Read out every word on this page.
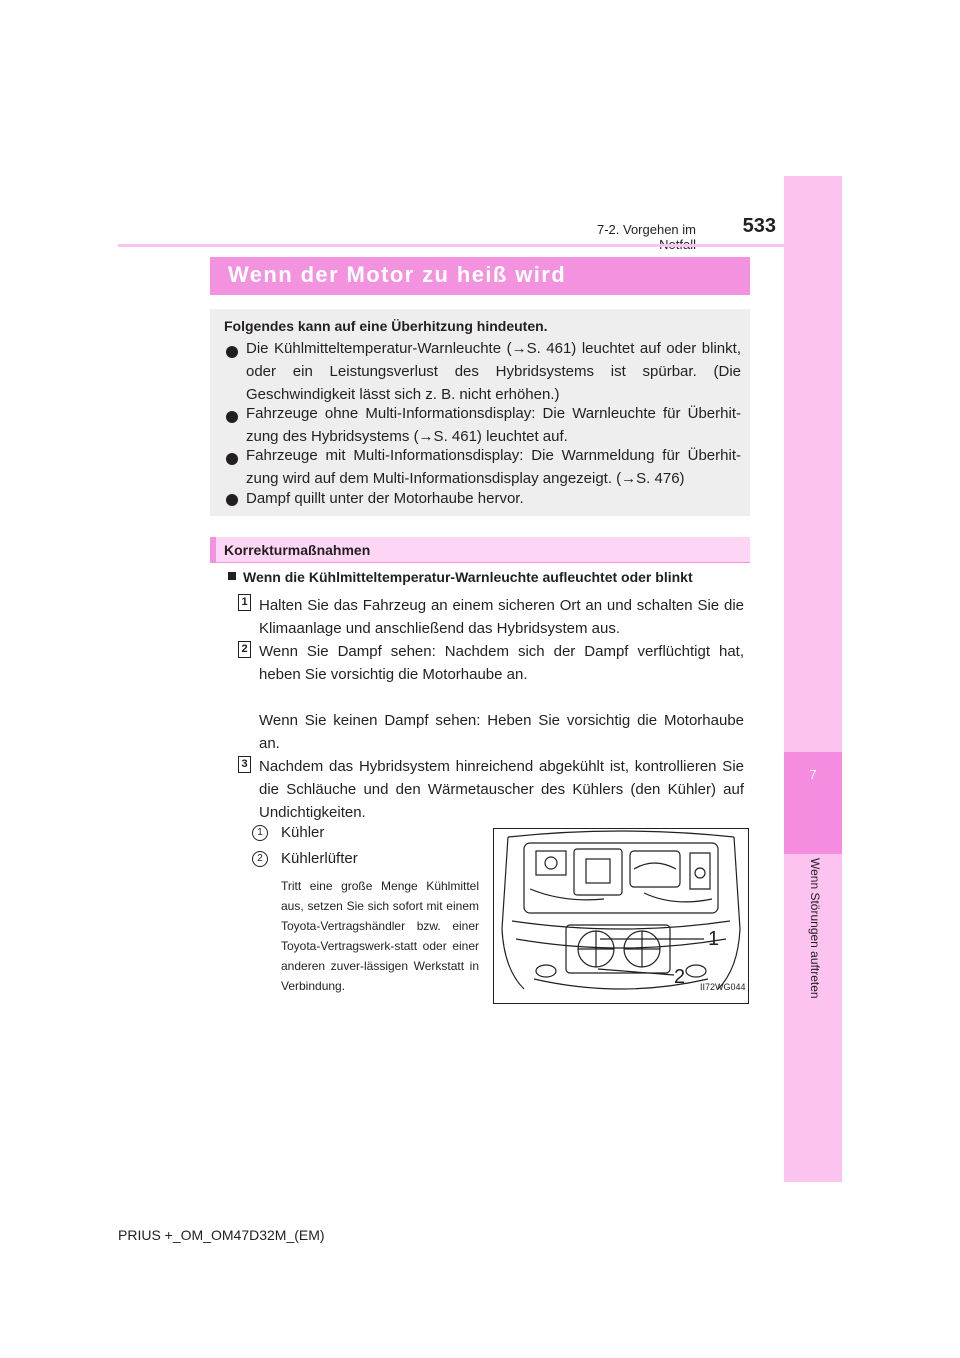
7
Wenn Störungen auftreten
7-2. Vorgehen im	533
Wenn der Motor zu heiß wird
Folgendes kann auf eine Überhitzung hindeuten.
Die Kühlmitteltemperatur-Warnleuchte (→S. 461) leuchtet auf oder blinkt, oder ein Leistungsverlust des Hybridsystems ist spürbar. (Die Geschwindigkeit lässt sich z. B. nicht erhöhen.)
Fahrzeuge ohne Multi-Informationsdisplay: Die Warnleuchte für Überhit-zung des Hybridsystems (→S. 461) leuchtet auf.
Fahrzeuge mit Multi-Informationsdisplay: Die Warnmeldung für Überhit-zung wird auf dem Multi-Informationsdisplay angezeigt. (→S. 476)
Dampf quillt unter der Motorhaube hervor.
Korrekturmaßnahmen
Wenn die Kühlmitteltemperatur-Warnleuchte aufleuchtet oder blinkt
1 Halten Sie das Fahrzeug an einem sicheren Ort an und schalten Sie die Klimaanlage und anschließend das Hybridsystem aus.
2 Wenn Sie Dampf sehen: Nachdem sich der Dampf verflüchtigt hat, heben Sie vorsichtig die Motorhaube an.
Wenn Sie keinen Dampf sehen: Heben Sie vorsichtig die Motorhaube an.
3 Nachdem das Hybridsystem hinreichend abgekühlt ist, kontrollieren Sie die Schläuche und den Wärmetauscher des Kühlers (den Kühler) auf Undichtigkeiten.
1	Kühler
2	Kühlerlüfter
Tritt eine große Menge Kühlmittel aus, setzen Sie sich sofort mit einem Toyota-Vertragshändler bzw. einer Toyota-Vertragswerk-statt oder einer anderen zuver-lässigen Werkstatt in Verbindung.
1
2 II72WG044
PRIUS +_OM_OM47D32M_(EM)
